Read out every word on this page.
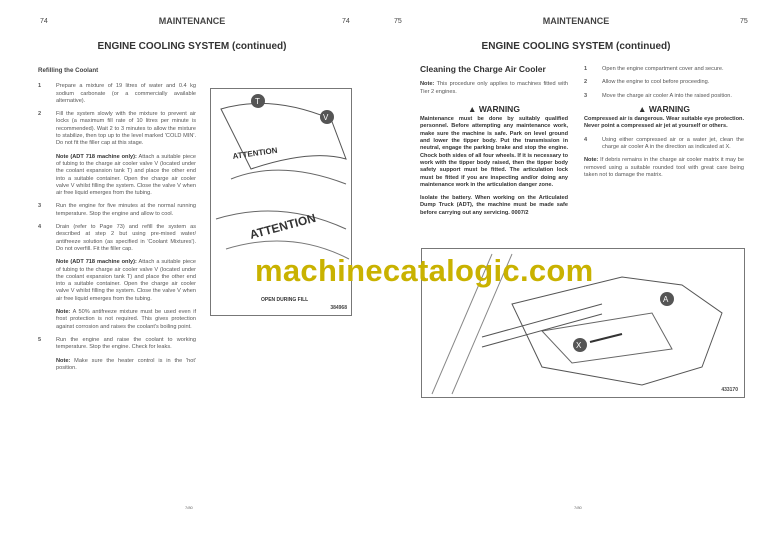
74	MAINTENANCE	74
ENGINE COOLING SYSTEM (continued)
Refilling the Coolant
1	Prepare a mixture of 19 litres of water and 0.4 kg sodium carbonate (or a commercially available alternative).
2	Fill the system slowly with the mixture to prevent air locks (a maximum fill rate of 10 litres per minute is recommended). Wait 2 to 3 minutes to allow the mixture to stabilize, then top up to the level marked 'COLD MIN'. Do not fit the filler cap at this stage.
Note (ADT 718 machine only): Attach a suitable piece of tubing to the charge air cooler valve V (located under the coolant expansion tank T) and place the other end into a suitable container. Open the charge air cooler valve V whilst filling the system. Close the valve V when air free liquid emerges from the tubing.
3	Run the engine for five minutes at the normal running temperature. Stop the engine and allow to cool.
4	Drain (refer to Page 73) and refill the system as described at step 2 but using pre-mixed water/ antifreeze solution (as specified in 'Coolant Mixtures'). Do not overfill. Fit the filler cap.
Note (ADT 718 machine only): Attach a suitable piece of tubing to the charge air cooler valve V (located under the coolant expansion tank T) and place the other end into a suitable container. Open the charge air cooler valve V whilst filling the system. Close the valve V when air free liquid emerges from the tubing.
Note: A 50% antifreeze mixture must be used even if frost protection is not required. This gives protection against corrosion and raises the coolant's boiling point.
5	Run the engine and raise the coolant to working temperature. Stop the engine. Check for leaks.
Note: Make sure the heater control is in the 'hot' position.
T
V
ATTENTION
ATTENTION
OPEN DURING FILL
384968
7/80
75	MAINTENANCE	75
ENGINE COOLING SYSTEM (continued)
Cleaning the Charge Air Cooler
Note: This procedure only applies to machines fitted with Tier 2 engines.
▲ WARNING
Maintenance must be done by suitably qualified personnel. Before attempting any maintenance work, make sure the machine is safe. Park on level ground and lower the tipper body. Put the transmission in neutral, engage the parking brake and stop the engine. Chock both sides of all four wheels. If it is necessary to work with the tipper body raised, then the tipper body safety support must be fitted. The articulation lock must be fitted if you are inspecting and/or doing any maintenance work in the articulation danger zone.
Isolate the battery. When working on the Articulated Dump Truck (ADT), the machine must be made safe before carrying out any servicing. 0007/2
1	Open the engine compartment cover and secure.
2	Allow the engine to cool before proceeding.
3	Move the charge air cooler A into the raised position.
▲ WARNING
Compressed air is dangerous. Wear suitable eye protection. Never point a compressed air jet at yourself or others.
4	Using either compressed air or a water jet, clean the charge air cooler A in the direction as indicated at X.
Note: If debris remains in the charge air cooler matrix it may be removed using a suitable rounded tool with great care being taken not to damage the matrix.
A
X
433170
7/80
machinecatalogic.com
